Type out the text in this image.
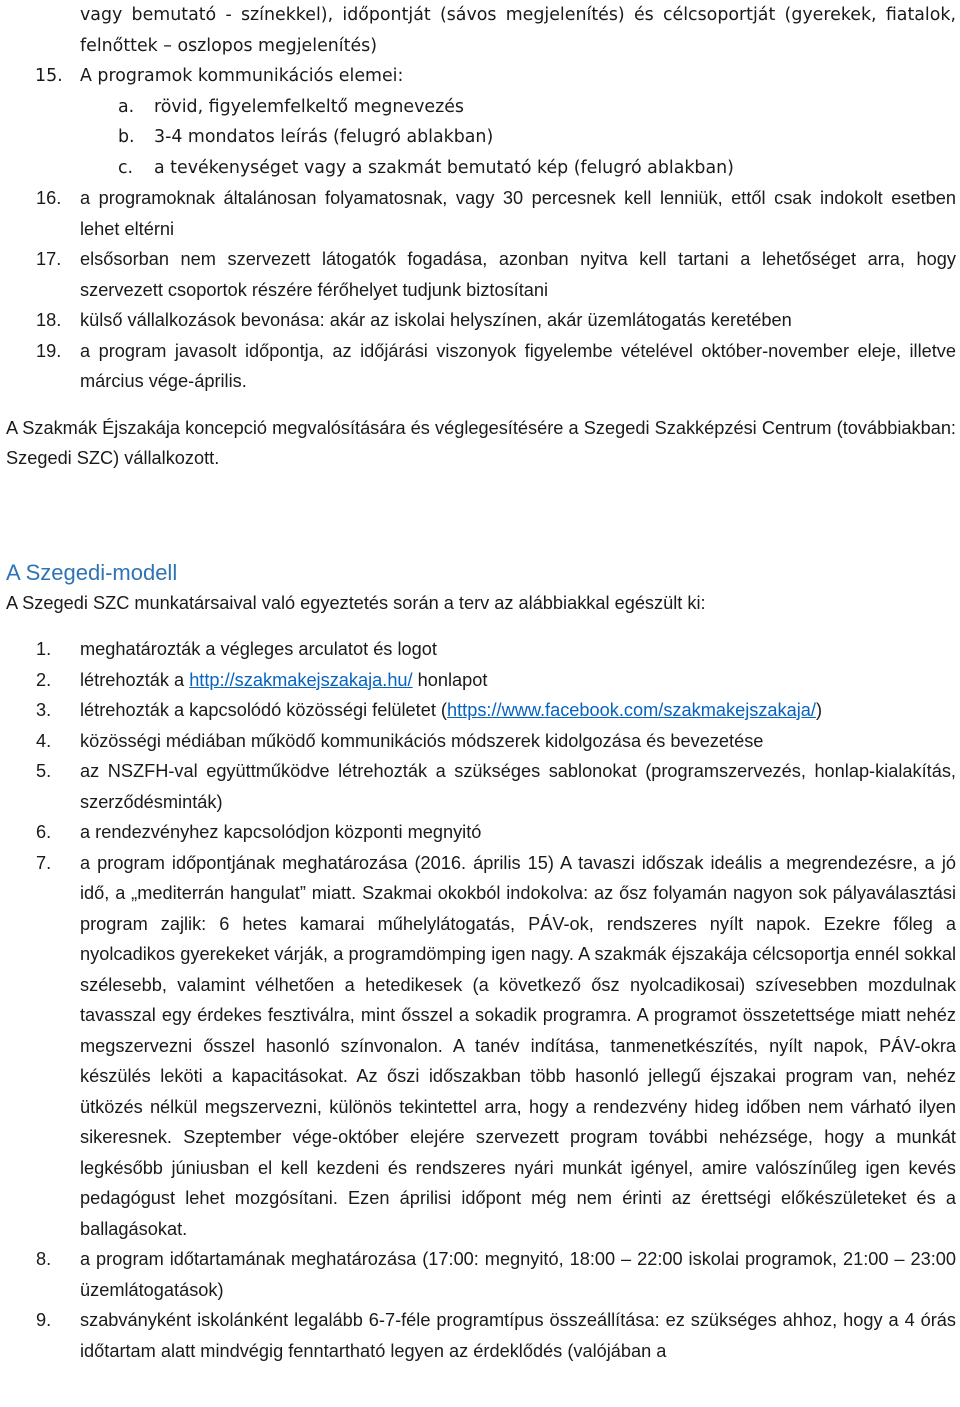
vagy bemutató - színekkel), időpontját (sávos megjelenítés) és célcsoportját (gyerekek, fiatalok, felnőttek – oszlopos megjelenítés)
15. A programok kommunikációs elemei:
a. rövid, figyelemfelkeltő megnevezés
b. 3-4 mondatos leírás (felugró ablakban)
c. a tevékenységet vagy a szakmát bemutató kép (felugró ablakban)
16. a programoknak általánosan folyamatosnak, vagy 30 percesnek kell lenniük, ettől csak indokolt esetben lehet eltérni
17. elsősorban nem szervezett látogatók fogadása, azonban nyitva kell tartani a lehetőséget arra, hogy szervezett csoportok részére férőhelyet tudjunk biztosítani
18. külső vállalkozások bevonása: akár az iskolai helyszínen, akár üzemlátogatás keretében
19. a program javasolt időpontja, az időjárási viszonyok figyelembe vételével október-november eleje, illetve március vége-április.

A Szakmák Éjszakája koncepció megvalósítására és véglegesítésére a Szegedi Szakképzési Centrum (továbbiakban: Szegedi SZC) vállalkozott.

A Szegedi-modell

A Szegedi SZC munkatársaival való egyeztetés során a terv az alábbiakkal egészült ki:

1. meghatározták a végleges arculatot és logot
2. létrehozták a http://szakmakejszakaja.hu/ honlapot
3. létrehozták a kapcsolódó közösségi felületet (https://www.facebook.com/szakmakejszakaja/)
4. közösségi médiában működő kommunikációs módszerek kidolgozása és bevezetése
5. az NSZFH-val együttműködve létrehozták a szükséges sablonokat (programszervezés, honlap-kialakítás, szerződésminták)
6. a rendezvényhez kapcsolódjon központi megnyitó
7. a program időpontjának meghatározása (2016. április 15) A tavaszi időszak ideális a megrendezésre, a jó idő, a „mediterrán hangulat” miatt. Szakmai okokból indokolva: az ősz folyamán nagyon sok pályaválasztási program zajlik: 6 hetes kamarai műhelylátogatás, PÁV-ok, rendszeres nyílt napok. Ezekre főleg a nyolcadikos gyerekeket várják, a programdömping igen nagy. A szakmák éjszakája célcsoportja ennél sokkal szélesebb, valamint vélhetően a hetedikesek (a következő ősz nyolcadikosai) szívesebben mozdulnak tavasszal egy érdekes fesztiválra, mint ősszel a sokadik programra. A programot összetettsége miatt nehéz megszervezni ősszel hasonló színvonalon. A tanév indítása, tanmenetkészítés, nyílt napok, PÁV-okra készülés leköti a kapacitásokat. Az őszi időszakban több hasonló jellegű éjszakai program van, nehéz ütközés nélkül megszervezni, különös tekintettel arra, hogy a rendezvény hideg időben nem várható ilyen sikeresnek. Szeptember vége-október elejére szervezett program további nehézsége, hogy a munkát legkésőbb júniusban el kell kezdeni és rendszeres nyári munkát igényel, amire valószínűleg igen kevés pedagógust lehet mozgósítani. Ezen áprilisi időpont még nem érinti az érettségi előkészületeket és a ballagásokat.
8. a program időtartamának meghatározása (17:00: megnyitó, 18:00 – 22:00 iskolai programok, 21:00 – 23:00 üzemlátogatások)
9. szabványként iskolánként legalább 6-7-féle programtípus összeállítása: ez szükséges ahhoz, hogy a 4 órás időtartam alatt mindvégig fenntartható legyen az érdeklődés (valójában a
